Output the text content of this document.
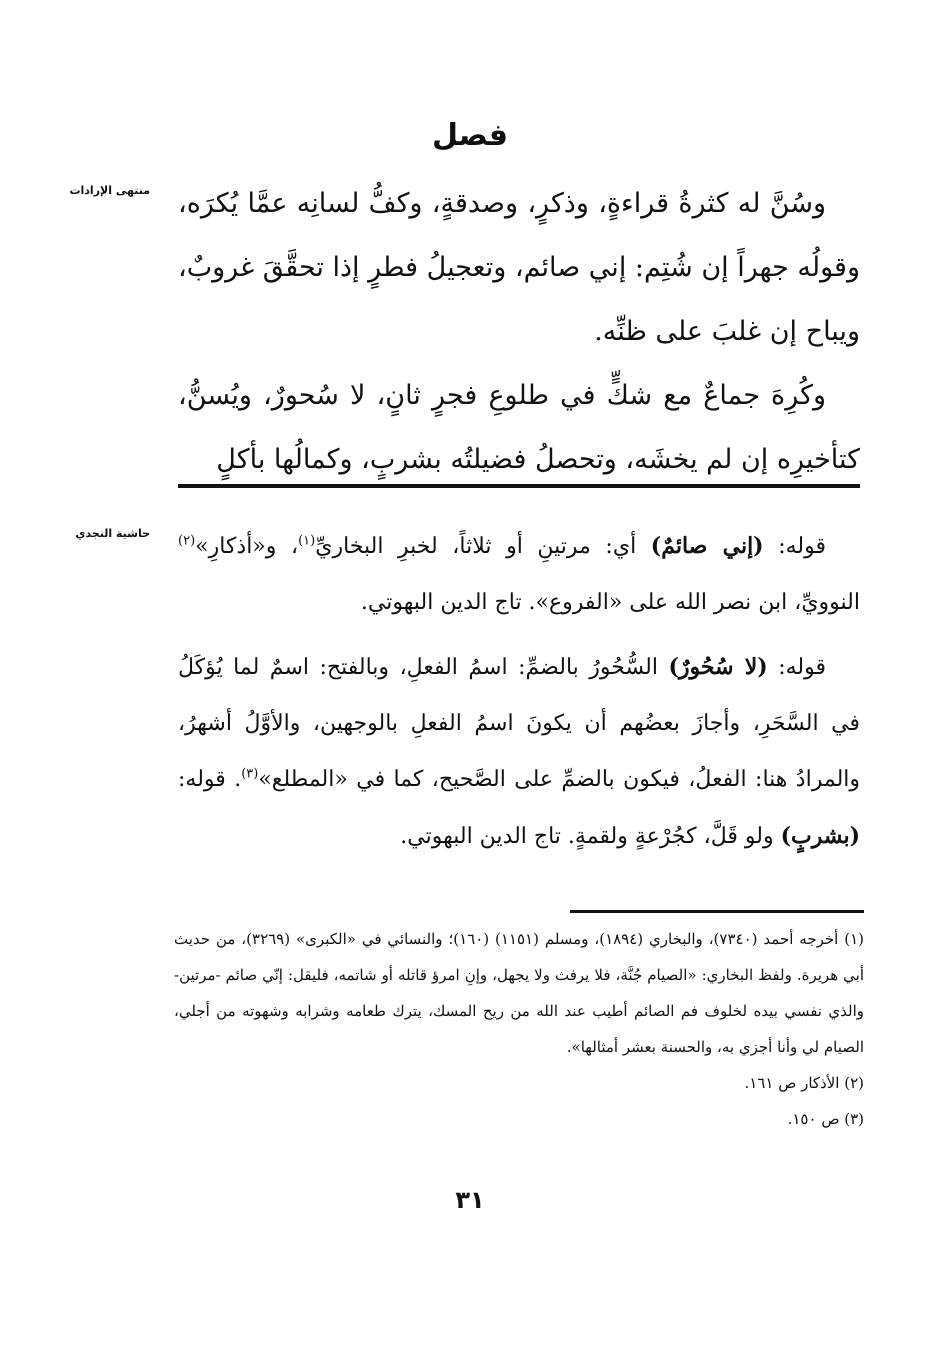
فصل
منتهى الإرادات
حاشية النجدي

وسُنَّ له كثرةُ قراءةٍ، وذكرٍ، وصدقةٍ، وكفُّ لسانِه عمَّا يُكرَه، وقولُه جهراً إن شُتِم: إني صائم، وتعجيلُ فطرٍ إذا تحقَّقَ غروبٌ، ويباح إن غلبَ على ظنِّه.

وكُرِهَ جماعٌ مع شكٍّ في طلوعِ فجرٍ ثانٍ، لا سُحورٌ، ويُسنُّ، كتأخيرِه إن لم يخشَه، وتحصلُ فضيلتُه بشربٍ، وكمالُها بأكلٍ

قوله: (إني صائمٌ) أي: مرتينِ أو ثلاثاً، لخبرِ البخاريِّ$^{(١)}$، و«أذكارِ»$^{(٢)}$ النوويِّ، ابن نصر الله على «الفروع». تاج الدين البهوتي.

قوله: (لا سُحُورٌ) السُّحُورُ بالضمِّ: اسمُ الفعلِ، وبالفتح: اسمٌ لما يُؤكَلُ في السَّحَرِ، وأجازَ بعضُهم أن يكونَ اسمُ الفعلِ بالوجهين، والأوَّلُ أشهرُ، والمرادُ هنا: الفعلُ، فيكون بالضمِّ على الصَّحيح، كما في «المطلع»$^{(٣)}$. قوله: (بشربٍ) ولو قَلَّ، كجُرْعةٍ ولقمةٍ. تاج الدين البهوتي.

(١) أخرجه أحمد (٧٣٤٠)، والبخاري (١٨٩٤)، ومسلم (١١٥١) (١٦٠)؛ والنسائي في «الكبرى» (٣٢٦٩)، من حديث أبي هريرة. ولفظ البخاري: «الصيام جُنَّة، فلا يرفث ولا يجهل، وإنِ امرؤ قاتله أو شاتمه، فليقل: إنّي صائم -مرتين- والذي نفسي بيده لخلوف فم الصائم أطيب عند الله من ريح المسك، يترك طعامه وشرابه وشهوته من أجلي، الصيام لي وأنا أجزي به، والحسنة بعشر أمثالها».

(٢) الأذكار ص ١٦١.

(٣) ص ١٥٠.

٣١
